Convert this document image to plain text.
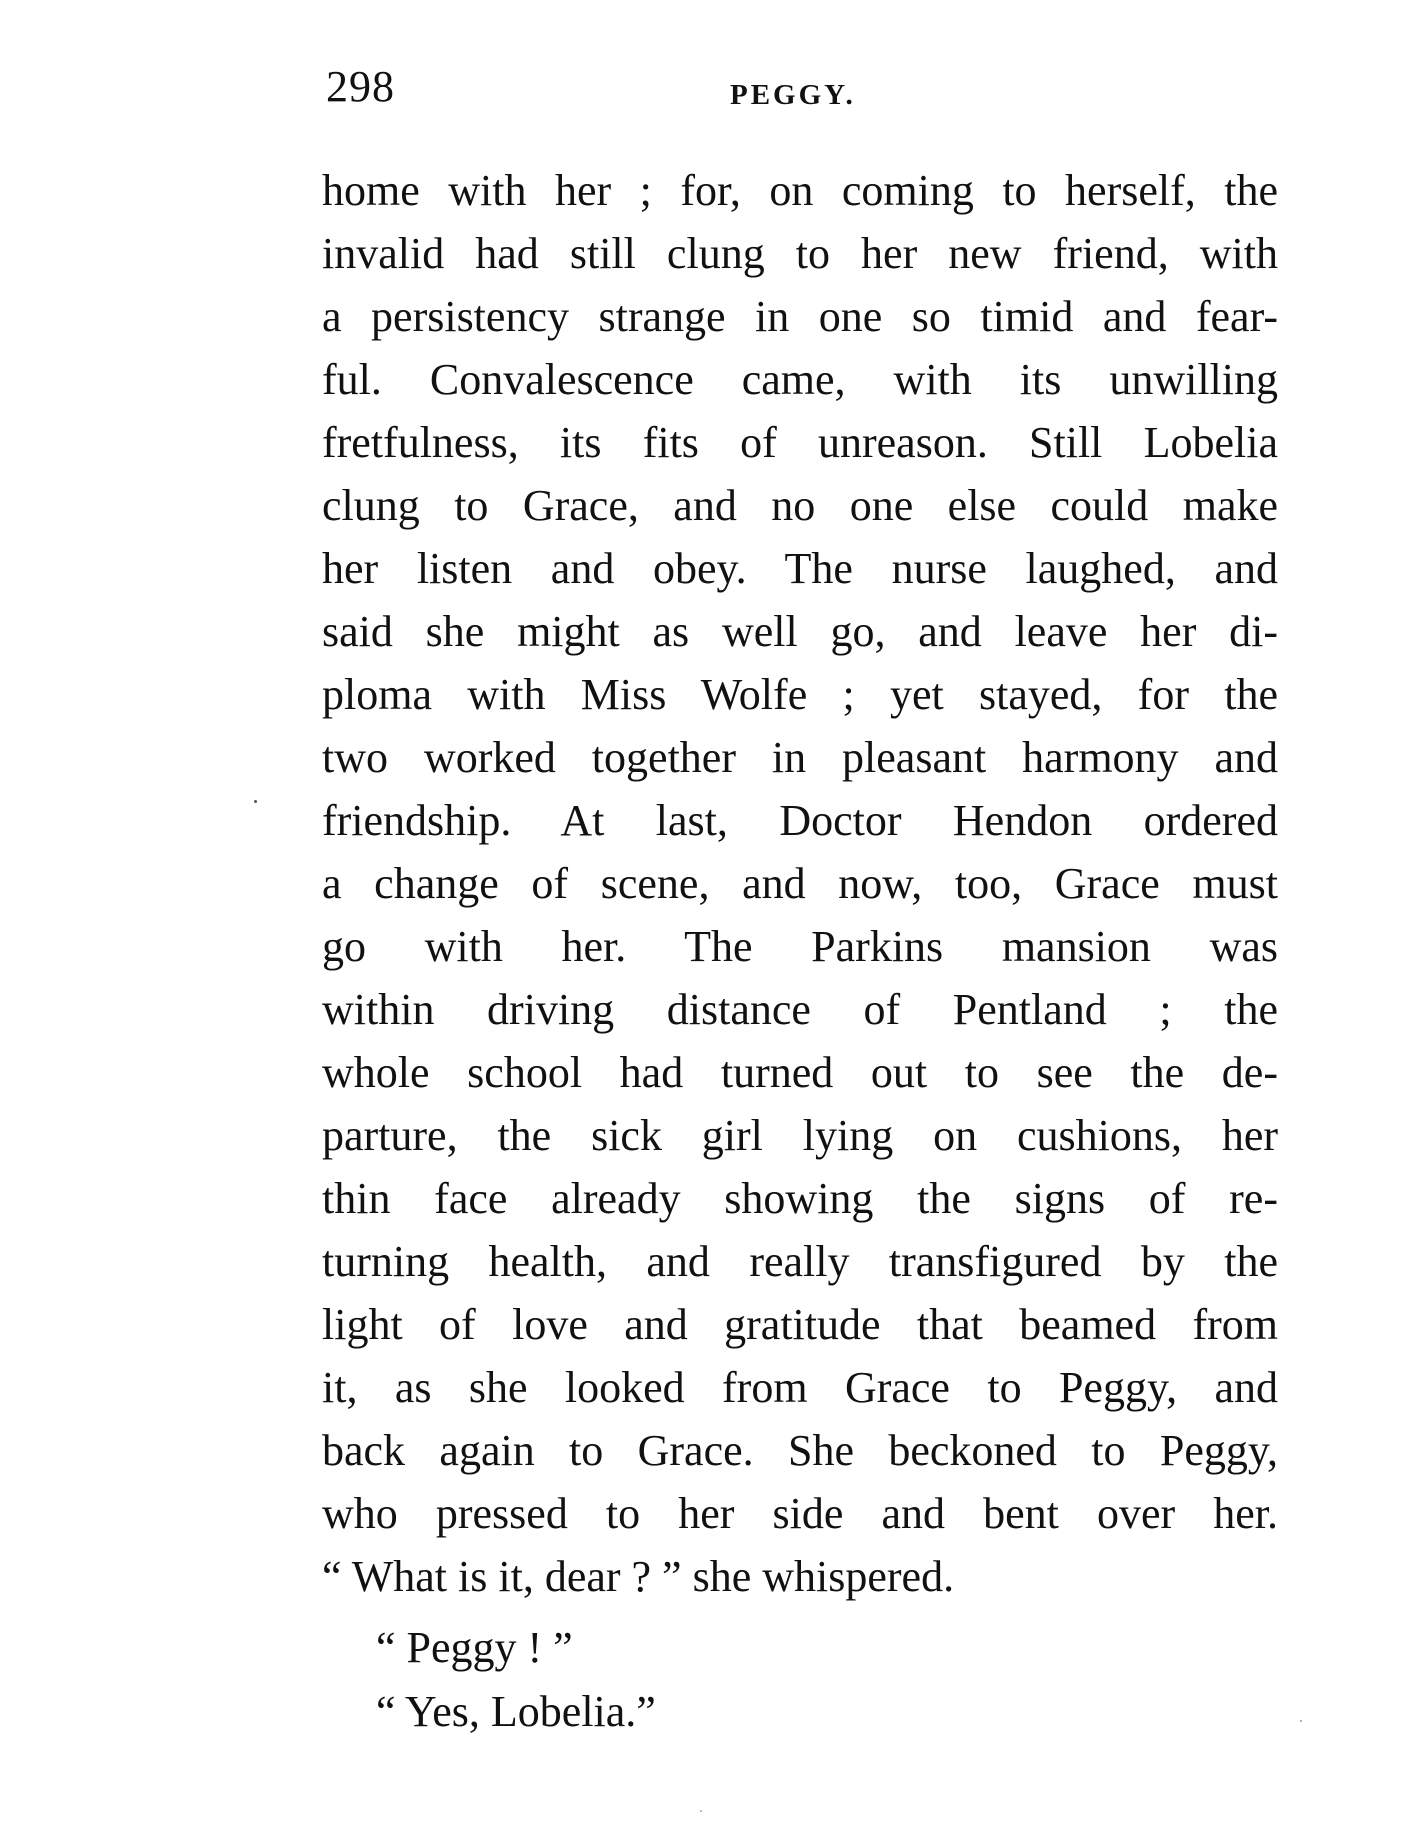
298	PEGGY.
home with her ; for, on coming to herself, the
invalid had still clung to her new friend, with
a persistency strange in one so timid and fear-
ful. Convalescence came, with its unwilling
fretfulness, its fits of unreason. Still Lobelia
clung to Grace, and no one else could make
her listen and obey. The nurse laughed, and
said she might as well go, and leave her di-
ploma with Miss Wolfe ; yet stayed, for the
two worked together in pleasant harmony and
friendship. At last, Doctor Hendon ordered
a change of scene, and now, too, Grace must
go with her. The Parkins mansion was
within driving distance of Pentland ; the
whole school had turned out to see the de-
parture, the sick girl lying on cushions, her
thin face already showing the signs of re-
turning health, and really transfigured by the
light of love and gratitude that beamed from
it, as she looked from Grace to Peggy, and
back again to Grace. She beckoned to Peggy,
who pressed to her side and bent over her.
“ What is it, dear ? ” she whispered.
“ Peggy ! ”
“ Yes, Lobelia.”
